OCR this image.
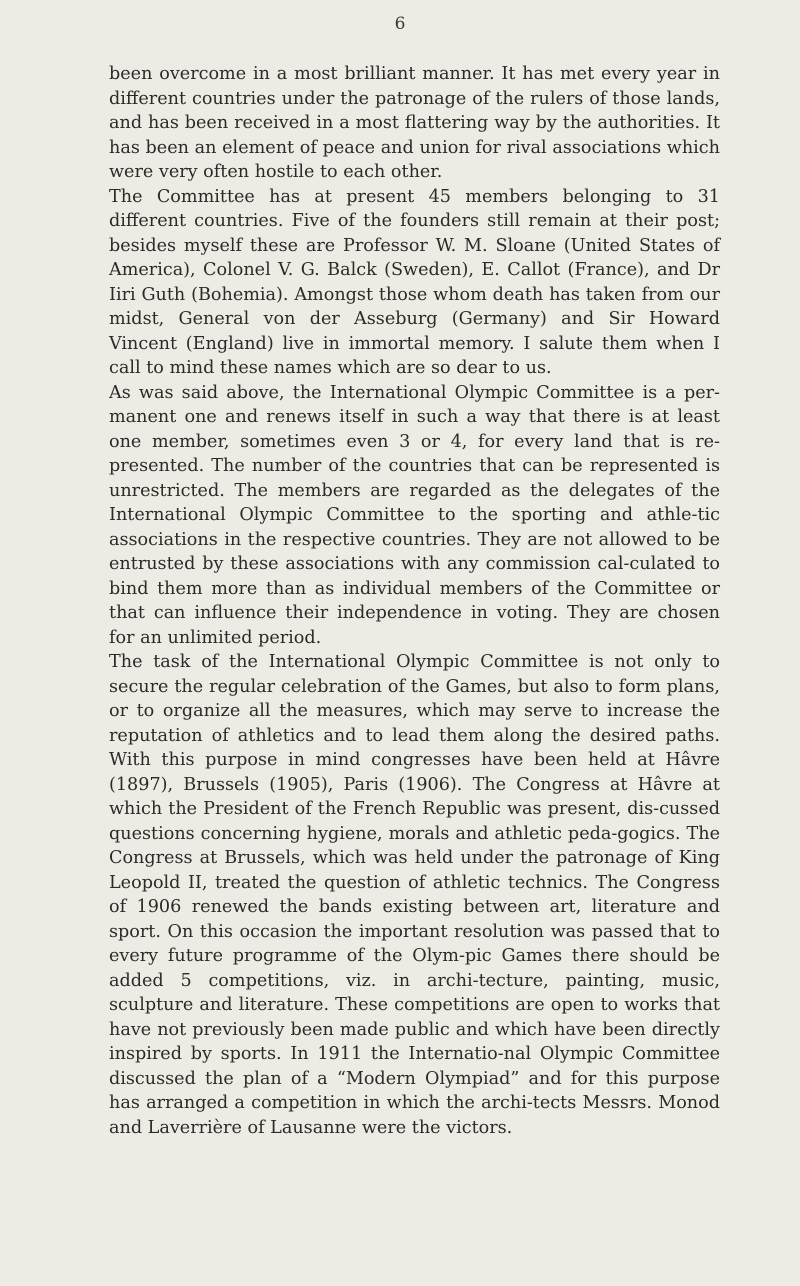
6

been overcome in a most brilliant manner. It has met every year in different countries under the patronage of the rulers of those lands, and has been received in a most flattering way by the authorities. It has been an element of peace and union for rival associations which were very often hostile to each other.

The Committee has at present 45 members belonging to 31 different countries. Five of the founders still remain at their post; besides myself these are Professor W. M. Sloane (United States of America), Colonel V. G. Balck (Sweden), E. Callot (France), and Dr Iiri Guth (Bohemia). Amongst those whom death has taken from our midst, General von der Asseburg (Germany) and Sir Howard Vincent (England) live in immortal memory. I salute them when I call to mind these names which are so dear to us.

As was said above, the International Olympic Committee is a per-manent one and renews itself in such a way that there is at least one member, sometimes even 3 or 4, for every land that is re-presented. The number of the countries that can be represented is unrestricted. The members are regarded as the delegates of the International Olympic Committee to the sporting and athle-tic associations in the respective countries. They are not allowed to be entrusted by these associations with any commission cal-culated to bind them more than as individual members of the Committee or that can influence their independence in voting. They are chosen for an unlimited period.

The task of the International Olympic Committee is not only to secure the regular celebration of the Games, but also to form plans, or to organize all the measures, which may serve to increase the reputation of athletics and to lead them along the desired paths. With this purpose in mind congresses have been held at Hâvre (1897), Brussels (1905), Paris (1906). The Congress at Hâvre at which the President of the French Republic was present, dis-cussed questions concerning hygiene, morals and athletic peda-gogics. The Congress at Brussels, which was held under the patronage of King Leopold II, treated the question of athletic technics. The Congress of 1906 renewed the bands existing between art, literature and sport. On this occasion the important resolution was passed that to every future programme of the Olym-pic Games there should be added 5 competitions, viz. in archi-tecture, painting, music, sculpture and literature. These competitions are open to works that have not previously been made public and which have been directly inspired by sports. In 1911 the Internatio-nal Olympic Committee discussed the plan of a “Modern Olympiad” and for this purpose has arranged a competition in which the archi-tects Messrs. Monod and Laverrière of Lausanne were the victors.
